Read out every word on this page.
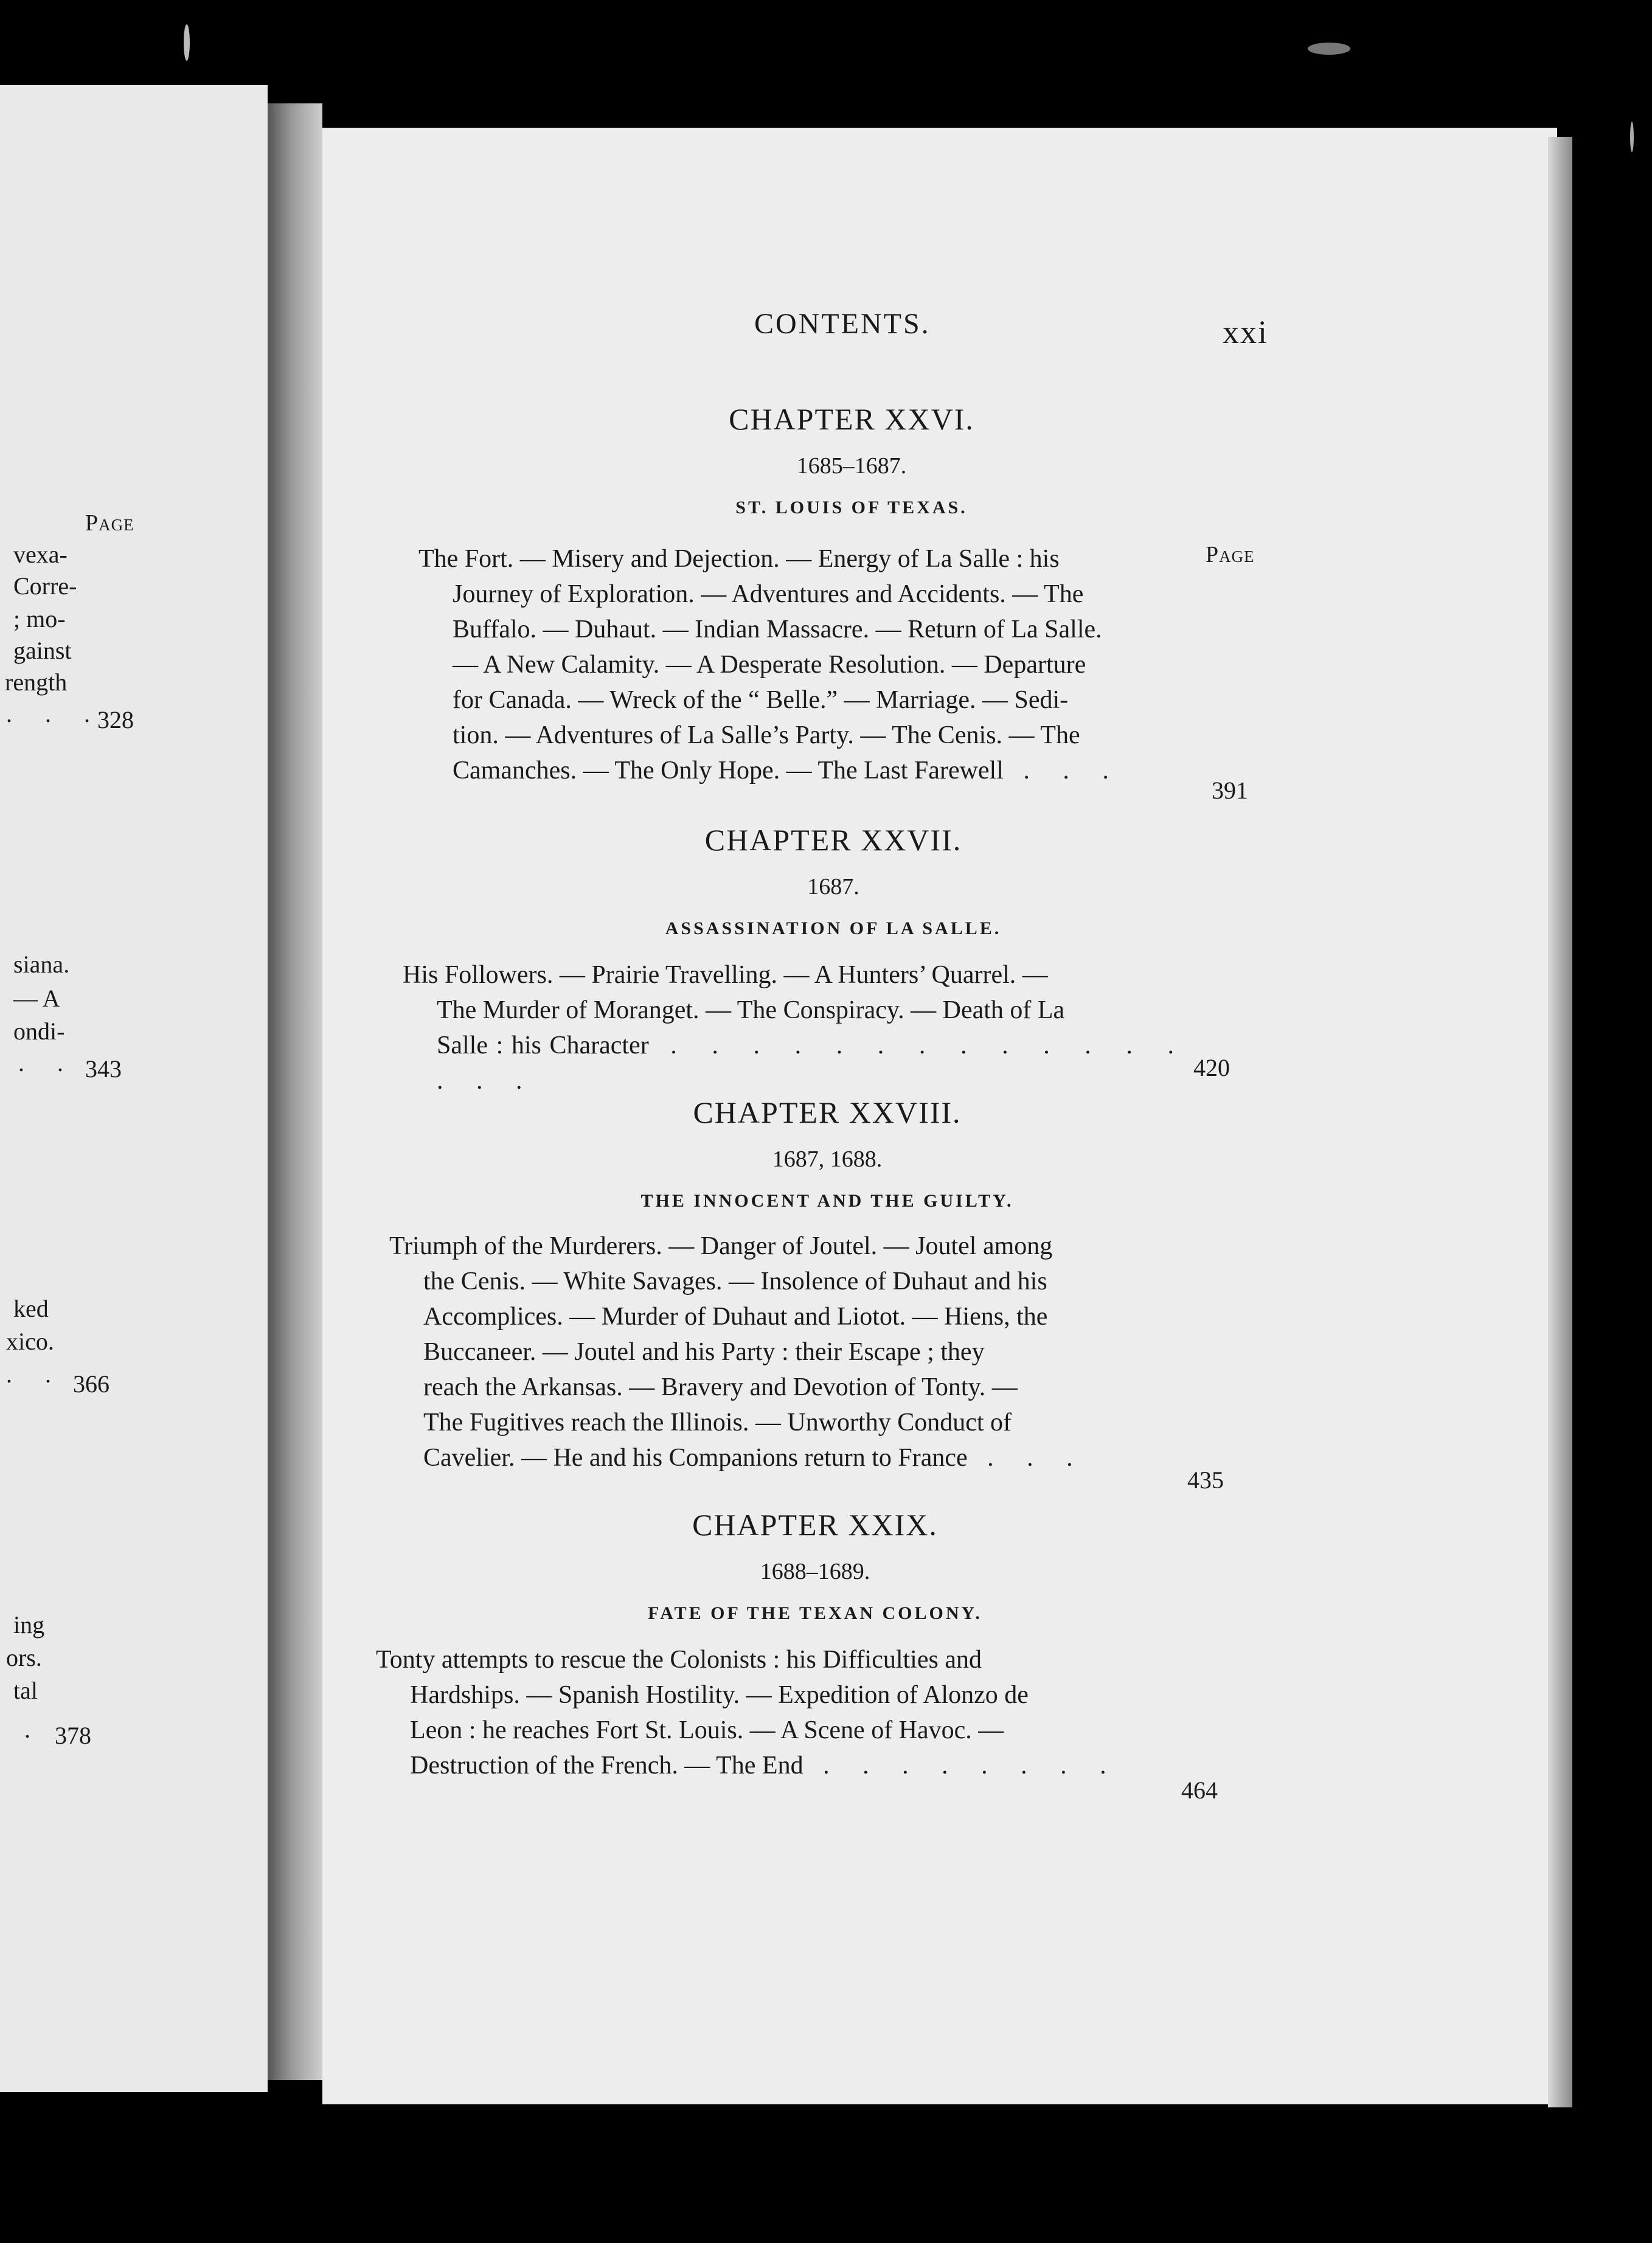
Page
vexa-
Corre-
; mo-
gainst
rength
. . .
328
siana.
— A
ondi-
. . 343
ked
xico.
. . 366
ing
ors.
tal
. 378
CONTENTS.	xxi
CHAPTER XXVI.
1685–1687.
ST. LOUIS OF TEXAS.
Page
The Fort. — Misery and Dejection. — Energy of La Salle : his
Journey of Exploration. — Adventures and Accidents. — The
Buffalo. — Duhaut. — Indian Massacre. — Return of La Salle.
— A New Calamity. — A Desperate Resolution. — Departure
for Canada. — Wreck of the “ Belle.” — Marriage. — Sedi-
tion. — Adventures of La Salle’s Party. — The Cenis. — The
Camanches. — The Only Hope. — The Last Farewell . . .
391
CHAPTER XXVII.
1687.
ASSASSINATION OF LA SALLE.
His Followers. — Prairie Travelling. — A Hunters’ Quarrel. —
The Murder of Moranget. — The Conspiracy. — Death of La
Salle : his Character . . . . . . . . . . . . . . . .	420
CHAPTER XXVIII.
1687, 1688.
THE INNOCENT AND THE GUILTY.
Triumph of the Murderers. — Danger of Joutel. — Joutel among
the Cenis. — White Savages. — Insolence of Duhaut and his
Accomplices. — Murder of Duhaut and Liotot. — Hiens, the
Buccaneer. — Joutel and his Party : their Escape ; they
reach the Arkansas. — Bravery and Devotion of Tonty. —
The Fugitives reach the Illinois. — Unworthy Conduct of
Cavelier. — He and his Companions return to France . . .
435
CHAPTER XXIX.
1688–1689.
FATE OF THE TEXAN COLONY.
Tonty attempts to rescue the Colonists : his Difficulties and
Hardships. — Spanish Hostility. — Expedition of Alonzo de
Leon : he reaches Fort St. Louis. — A Scene of Havoc. —
Destruction of the French. — The End . . . . . . . .
464
